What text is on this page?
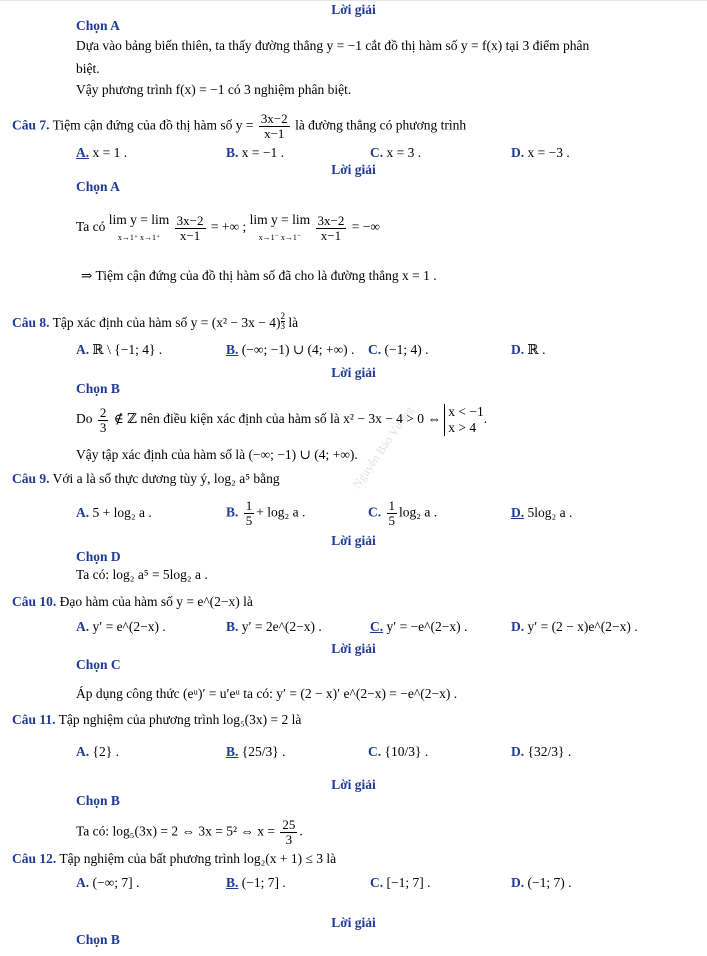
Nguyễn Bảo Vương
Lời giải
Chọn A
Dựa vào bảng biến thiên, ta thấy đường thẳng y = −1 cắt đồ thị hàm số y = f(x) tại 3 điểm phân
biệt.
Vậy phương trình f(x) = −1 có 3 nghiệm phân biệt.
Câu 7. Tiệm cận đứng của đồ thị hàm số $y = \frac{3x-2}{x-1}$ là đường thẳng có phương trình
A. x = 1 .	B. x = −1 .	C. x = 3 .	D. x = −3 .
Lời giải
Chọn A
Ta có lim y = lim
x→1⁺ $x\to 1^+ \frac{3x-2}{x-1}$ = +∞ ; lim y = lim
x→1⁻ $x\to 1^- \frac{3x-2}{x-1}$ = −∞
⇒ Tiệm cận đứng của đồ thị hàm số đã cho là đường thẳng x = 1 .
Câu 8. Tập xác định của hàm số y = (x² − 3x − 4) $^{\frac{2}{3}}$ là
A. ℝ \ {−1; 4} .	B. (−∞; −1) ∪ (4; +∞) . C. (−1; 4) .	D. ℝ .
Lời giải
Chọn B
Do $\frac{2}{3}$ ∉ ℤ nên điều kiện xác định của hàm số là x² − 3x − 4 > 0 ⇔ x < −1
x > 4.
Vậy tập xác định của hàm số là (−∞; −1) ∪ (4; +∞).
Câu 9. Với a là số thực dương tùy ý, log₂ a⁵ bằng
A. 5 + log₂ a .	B. $\frac{1}{5} + \log_2$ a .	C. $\frac{1}{5} \log_2$ a .	D. 5log₂ a .
Lời giải
Chọn D
Ta có: log₂ a⁵ = 5log₂ a .
Câu 10. Đạo hàm của hàm số y = e^(2−x) là
A. y′ = e^(2−x) .	B. y′ = 2e^(2−x) .	C. y′ = −e^(2−x) .	D. y′ = (2 − x)e^(2−x) .
Lời giải
Chọn C
Áp dụng công thức (eᵘ)′ = u′eᵘ ta có: y′ = (2 − x)′ e^(2−x) = −e^(2−x) .
Câu 11. Tập nghiệm của phương trình log₅(3x) = 2 là
A. {2} .	B. {25/3} .	C. {10/3} .	D. {32/3} .
Lời giải
Chọn B
Ta có: log₅(3x) = 2 ⇔ 3x = 5² ⇔ $x = \frac{25}{3}$ .
Câu 12. Tập nghiệm của bất phương trình log₂(x + 1) ≤ 3 là
A. (−∞; 7] .	B. (−1; 7] .	C. [−1; 7] .	D. (−1; 7) .
Lời giải
Chọn B
